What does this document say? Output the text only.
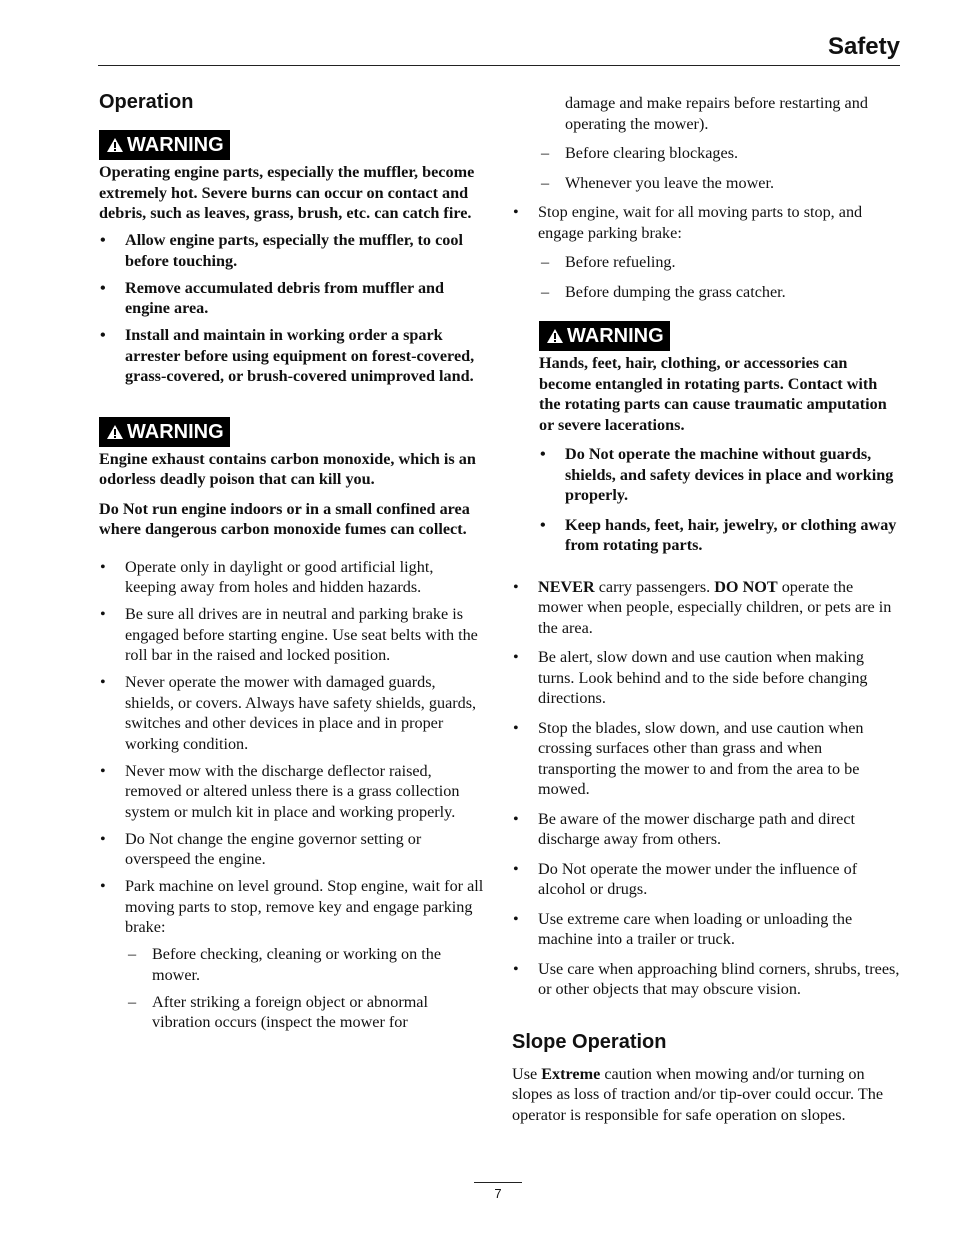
Safety
Operation
WARNING

Operating engine parts, especially the muffler, become extremely hot. Severe burns can occur on contact and debris, such as leaves, grass, brush, etc. can catch fire.

• Allow engine parts, especially the muffler, to cool before touching.
• Remove accumulated debris from muffler and engine area.
• Install and maintain in working order a spark arrester before using equipment on forest-covered, grass-covered, or brush-covered unimproved land.
WARNING

Engine exhaust contains carbon monoxide, which is an odorless deadly poison that can kill you.

Do Not run engine indoors or in a small confined area where dangerous carbon monoxide fumes can collect.

• Operate only in daylight or good artificial light, keeping away from holes and hidden hazards.
• Be sure all drives are in neutral and parking brake is engaged before starting engine. Use seat belts with the roll bar in the raised and locked position.
• Never operate the mower with damaged guards, shields, or covers. Always have safety shields, guards, switches and other devices in place and in proper working condition.
• Never mow with the discharge deflector raised, removed or altered unless there is a grass collection system or mulch kit in place and working properly.
• Do Not change the engine governor setting or overspeed the engine.
• Park machine on level ground. Stop engine, wait for all moving parts to stop, remove key and engage parking brake:
– Before checking, cleaning or working on the mower.
– After striking a foreign object or abnormal vibration occurs (inspect the mower for

damage and make repairs before restarting and operating the mower).

– Before clearing blockages.
– Whenever you leave the mower.
• Stop engine, wait for all moving parts to stop, and engage parking brake:
– Before refueling.
– Before dumping the grass catcher.
WARNING

Hands, feet, hair, clothing, or accessories can become entangled in rotating parts. Contact with the rotating parts can cause traumatic amputation or severe lacerations.

• Do Not operate the machine without guards, shields, and safety devices in place and working properly.
• Keep hands, feet, hair, jewelry, or clothing away from rotating parts.
• NEVER carry passengers. DO NOT operate the mower when people, especially children, or pets are in the area.
• Be alert, slow down and use caution when making turns. Look behind and to the side before changing directions.
• Stop the blades, slow down, and use caution when crossing surfaces other than grass and when transporting the mower to and from the area to be mowed.
• Be aware of the mower discharge path and direct discharge away from others.
• Do Not operate the mower under the influence of alcohol or drugs.
• Use extreme care when loading or unloading the machine into a trailer or truck.
• Use care when approaching blind corners, shrubs, trees, or other objects that may obscure vision.
Slope Operation

Use Extreme caution when mowing and/or turning on slopes as loss of traction and/or tip-over could occur. The operator is responsible for safe operation on slopes.

7
